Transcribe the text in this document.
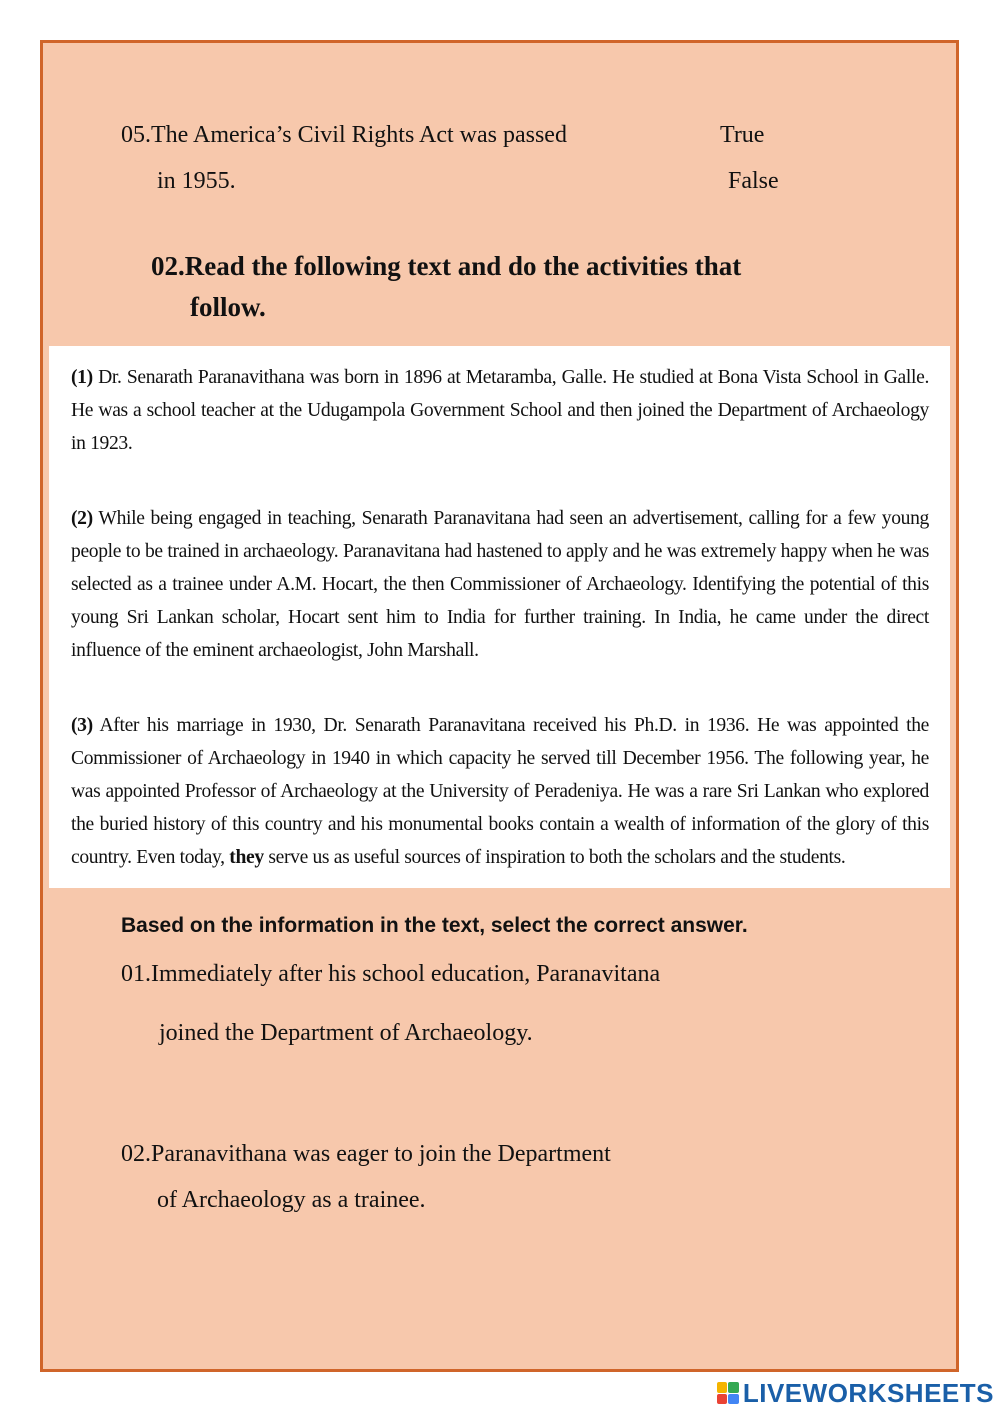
05.The America’s Civil Rights Act was passed
in 1955.
True
False
02.Read the following text and do the activities that
follow.
(1) Dr. Senarath Paranavithana was born in 1896 at Metaramba, Galle. He studied at Bona Vista School in Galle. He was a school teacher at the Udugampola Government School and then joined the Department of Archaeology in 1923.
(2) While being engaged in teaching, Senarath Paranavitana had seen an advertisement, calling for a few young people to be trained in archaeology. Paranavitana had hastened to apply and he was extremely happy when he was selected as a trainee under A.M. Hocart, the then Commissioner of Archaeology. Identifying the potential of this young Sri Lankan scholar, Hocart sent him to India for further training. In India, he came under the direct influence of the eminent archaeologist, John Marshall.
(3) After his marriage in 1930, Dr. Senarath Paranavitana received his Ph.D. in 1936. He was appointed the Commissioner of Archaeology in 1940 in which capacity he served till December 1956. The following year, he was appointed Professor of Archaeology at the University of Peradeniya. He was a rare Sri Lankan who explored the buried history of this country and his monumental books contain a wealth of information of the glory of this country. Even today, they serve us as useful sources of inspiration to both the scholars and the students.
Based on the information in the text, select the correct answer.
01.Immediately after his school education, Paranavitana
joined the Department of Archaeology.
02.Paranavithana was eager to join the Department
of Archaeology as a trainee.
LIVEWORKSHEETS
